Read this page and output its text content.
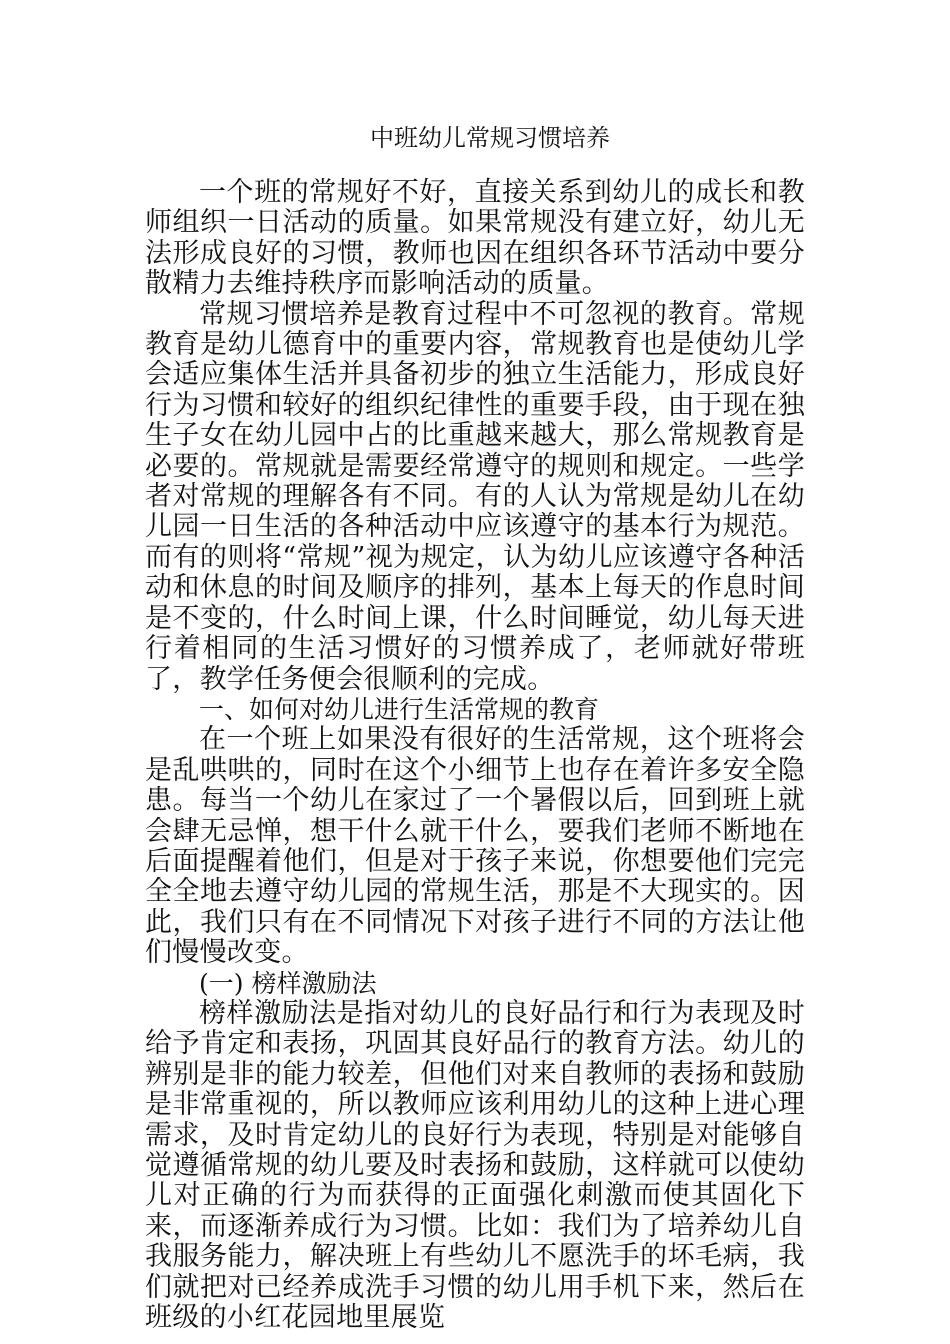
中班幼儿常规习惯培养

一个班的常规好不好，直接关系到幼儿的成长和教师组织一日活动的质量。如果常规没有建立好，幼儿无法形成良好的习惯，教师也因在组织各环节活动中要分散精力去维持秩序而影响活动的质量。

常规习惯培养是教育过程中不可忽视的教育。常规教育是幼儿德育中的重要内容，常规教育也是使幼儿学会适应集体生活并具备初步的独立生活能力，形成良好行为习惯和较好的组织纪律性的重要手段，由于现在独生子女在幼儿园中占的比重越来越大，那么常规教育是必要的。常规就是需要经常遵守的规则和规定。一些学者对常规的理解各有不同。有的人认为常规是幼儿在幼儿园一日生活的各种活动中应该遵守的基本行为规范。而有的则将“常规”视为规定，认为幼儿应该遵守各种活动和休息的时间及顺序的排列，基本上每天的作息时间是不变的，什么时间上课，什么时间睡觉，幼儿每天进行着相同的生活习惯好的习惯养成了，老师就好带班了，教学任务便会很顺利的完成。

一、如何对幼儿进行生活常规的教育

在一个班上如果没有很好的生活常规，这个班将会是乱哄哄的，同时在这个小细节上也存在着许多安全隐患。每当一个幼儿在家过了一个暑假以后，回到班上就会肆无忌惮，想干什么就干什么，要我们老师不断地在后面提醒着他们，但是对于孩子来说，你想要他们完完全全地去遵守幼儿园的常规生活，那是不大现实的。因此，我们只有在不同情况下对孩子进行不同的方法让他们慢慢改变。

(一) 榜样激励法

榜样激励法是指对幼儿的良好品行和行为表现及时给予肯定和表扬，巩固其良好品行的教育方法。幼儿的辨别是非的能力较差，但他们对来自教师的表扬和鼓励是非常重视的，所以教师应该利用幼儿的这种上进心理需求，及时肯定幼儿的良好行为表现，特别是对能够自觉遵循常规的幼儿要及时表扬和鼓励，这样就可以使幼儿对正确的行为而获得的正面强化刺激而使其固化下来，而逐渐养成行为习惯。比如：我们为了培养幼儿自我服务能力，解决班上有些幼儿不愿洗手的坏毛病，我们就把对已经养成洗手习惯的幼儿用手机下来，然后在班级的小红花园地里展览
